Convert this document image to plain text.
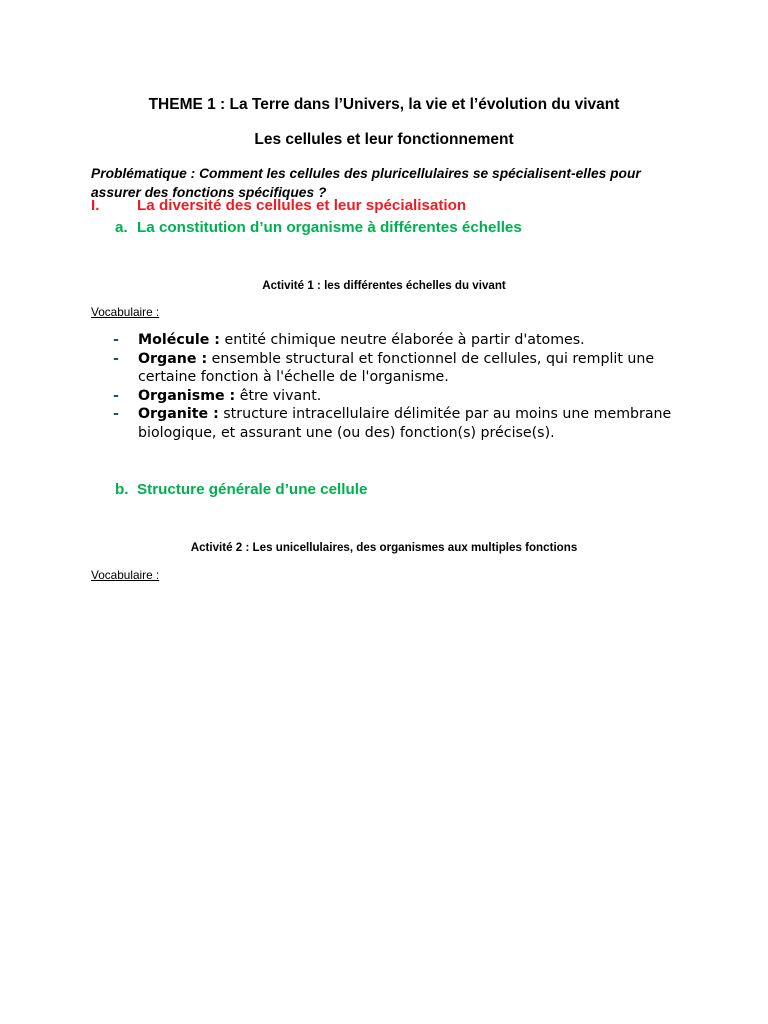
THEME 1 : La Terre dans l’Univers, la vie et l’évolution du vivant
Les cellules et leur fonctionnement

Problématique : Comment les cellules des pluricellulaires se spécialisent-elles pour assurer des fonctions spécifiques ?

I.	La diversité des cellules et leur spécialisation
a. La constitution d’un organisme à différentes échelles
Activité 1 : les différentes échelles du vivant
Vocabulaire :
- Molécule : entité chimique neutre élaborée à partir d'atomes.
- Organe : ensemble structural et fonctionnel de cellules, qui remplit une certaine fonction à l'échelle de l'organisme.
- Organisme : être vivant.
- Organite : structure intracellulaire délimitée par au moins une membrane biologique, et assurant une (ou des) fonction(s) précise(s).
b. Structure générale d’une cellule
Activité 2 : Les unicellulaires, des organismes aux multiples fonctions
Vocabulaire :
